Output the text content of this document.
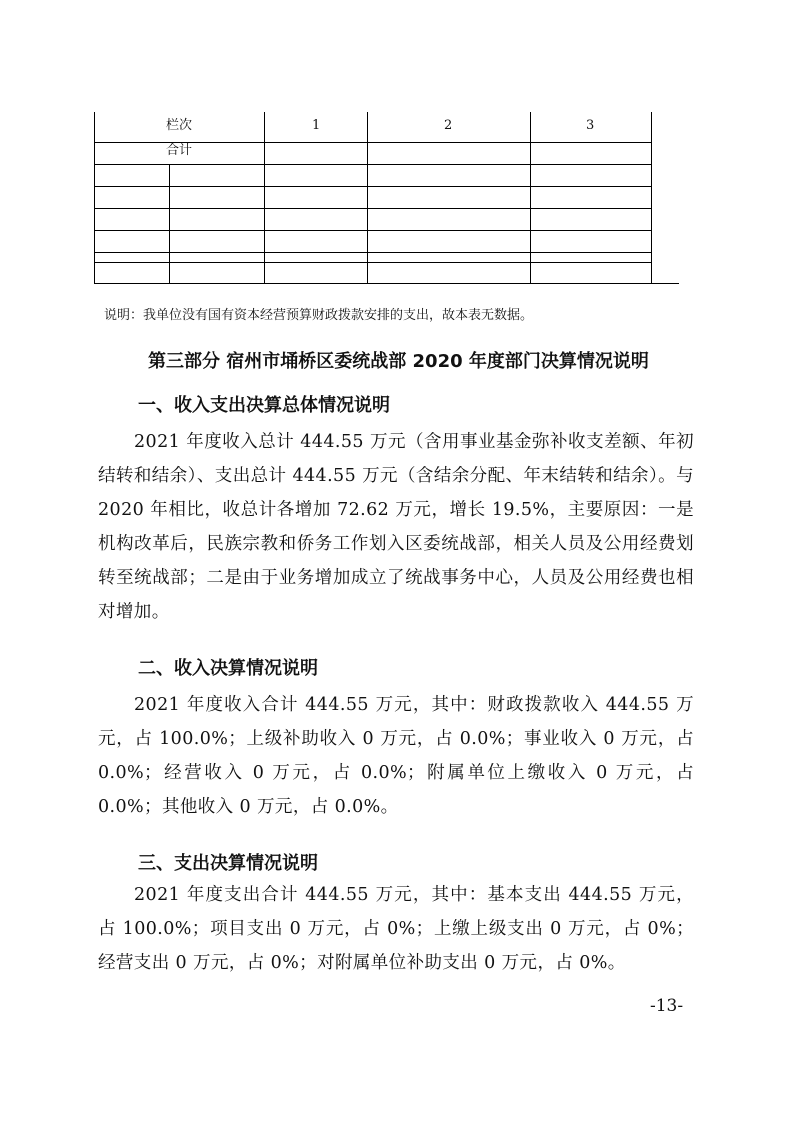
栏次	1	2	3
合计
说明：我单位没有国有资本经营预算财政拨款安排的支出，故本表无数据。
第三部分 宿州市埇桥区委统战部 2020 年度部门决算情况说明
一、收入支出决算总体情况说明
2021 年度收入总计 444.55 万元（含用事业基金弥补收支差额、年初结转和结余）、支出总计 444.55 万元（含结余分配、年末结转和结余）。与 2020 年相比，收总计各增加 72.62 万元，增长 19.5%，主要原因：一是机构改革后，民族宗教和侨务工作划入区委统战部，相关人员及公用经费划转至统战部；二是由于业务增加成立了统战事务中心，人员及公用经费也相对增加。
二、收入决算情况说明
2021 年度收入合计 444.55 万元，其中：财政拨款收入 444.55 万元，占 100.0%；上级补助收入 0 万元，占 0.0%；事业收入 0 万元，占 0.0%；经营收入 0 万元，占 0.0%；附属单位上缴收入 0 万元，占 0.0%；其他收入 0 万元，占 0.0%。
三、支出决算情况说明
2021 年度支出合计 444.55 万元，其中：基本支出 444.55 万元，占 100.0%；项目支出 0 万元，占 0%；上缴上级支出 0 万元，占 0%；经营支出 0 万元，占 0%；对附属单位补助支出 0 万元，占 0%。
-13-
